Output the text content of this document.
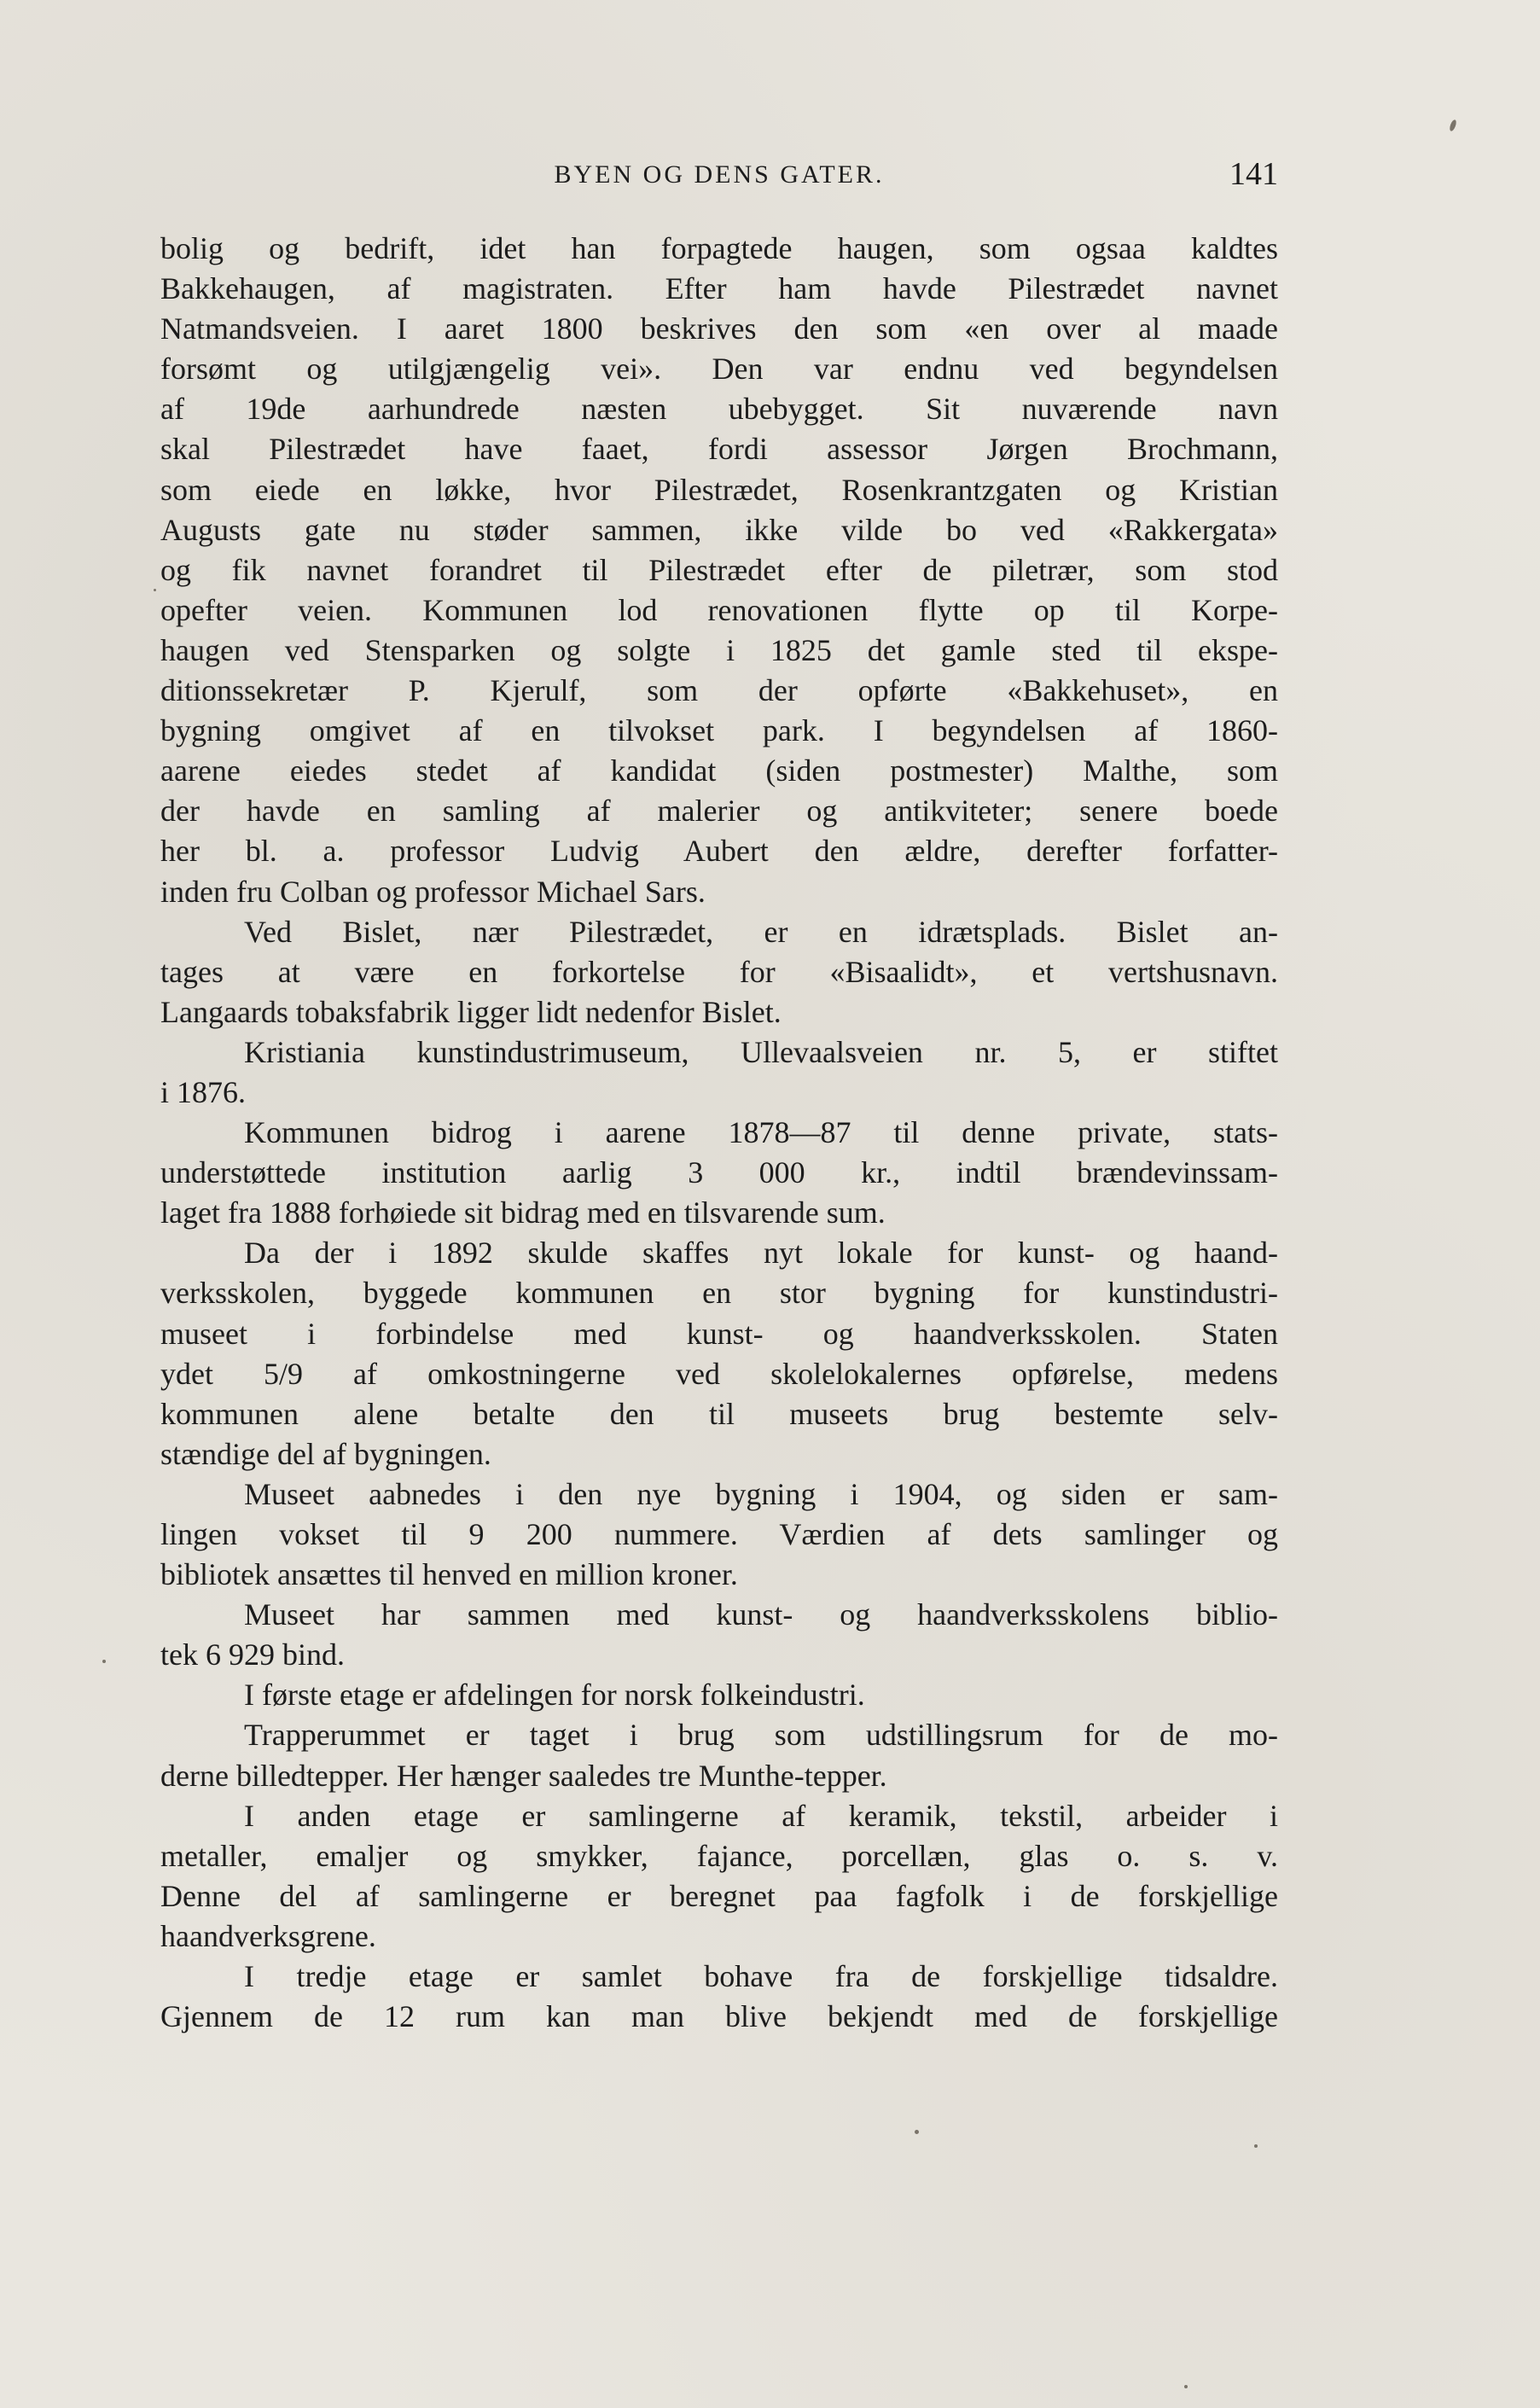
BYEN OG DENS GATER.	141
bolig og bedrift, idet han forpagtede haugen, som ogsaa kaldtes
Bakkehaugen, af magistraten. Efter ham havde Pilestrædet navnet
Natmandsveien. I aaret 1800 beskrives den som «en over al maade
forsømt og utilgjængelig vei». Den var endnu ved begyndelsen
af 19de aarhundrede næsten ubebygget. Sit nuværende navn
skal Pilestrædet have faaet, fordi assessor Jørgen Brochmann,
som eiede en løkke, hvor Pilestrædet, Rosenkrantzgaten og Kristian
Augusts gate nu støder sammen, ikke vilde bo ved «Rakkergata»
og fik navnet forandret til Pilestrædet efter de piletrær, som stod
opefter veien. Kommunen lod renovationen flytte op til Korpe-
haugen ved Stensparken og solgte i 1825 det gamle sted til ekspe-
ditionssekretær P. Kjerulf, som der opførte «Bakkehuset», en
bygning omgivet af en tilvokset park. I begyndelsen af 1860-
aarene eiedes stedet af kandidat (siden postmester) Malthe, som
der havde en samling af malerier og antikviteter; senere boede
her bl. a. professor Ludvig Aubert den ældre, derefter forfatter-
inden fru Colban og professor Michael Sars.
Ved Bislet, nær Pilestrædet, er en idrætsplads. Bislet an-
tages at være en forkortelse for «Bisaalidt», et vertshusnavn.
Langaards tobaksfabrik ligger lidt nedenfor Bislet.
Kristiania kunstindustrimuseum, Ullevaalsveien nr. 5, er stiftet
i 1876.
Kommunen bidrog i aarene 1878—87 til denne private, stats-
understøttede institution aarlig 3 000 kr., indtil brændevinssam-
laget fra 1888 forhøiede sit bidrag med en tilsvarende sum.
Da der i 1892 skulde skaffes nyt lokale for kunst- og haand-
verksskolen, byggede kommunen en stor bygning for kunstindustri-
museet i forbindelse med kunst- og haandverksskolen. Staten
ydet 5/9 af omkostningerne ved skolelokalernes opførelse, medens
kommunen alene betalte den til museets brug bestemte selv-
stændige del af bygningen.
Museet aabnedes i den nye bygning i 1904, og siden er sam-
lingen vokset til 9 200 nummere. Værdien af dets samlinger og
bibliotek ansættes til henved en million kroner.
Museet har sammen med kunst- og haandverksskolens biblio-
tek 6 929 bind.
I første etage er afdelingen for norsk folkeindustri.
Trapperummet er taget i brug som udstillingsrum for de mo-
derne billedtepper. Her hænger saaledes tre Munthe-tepper.
I anden etage er samlingerne af keramik, tekstil, arbeider i
metaller, emaljer og smykker, fajance, porcellæn, glas o. s. v.
Denne del af samlingerne er beregnet paa fagfolk i de forskjellige
haandverksgrene.
I tredje etage er samlet bohave fra de forskjellige tidsaldre.
Gjennem de 12 rum kan man blive bekjendt med de forskjellige
